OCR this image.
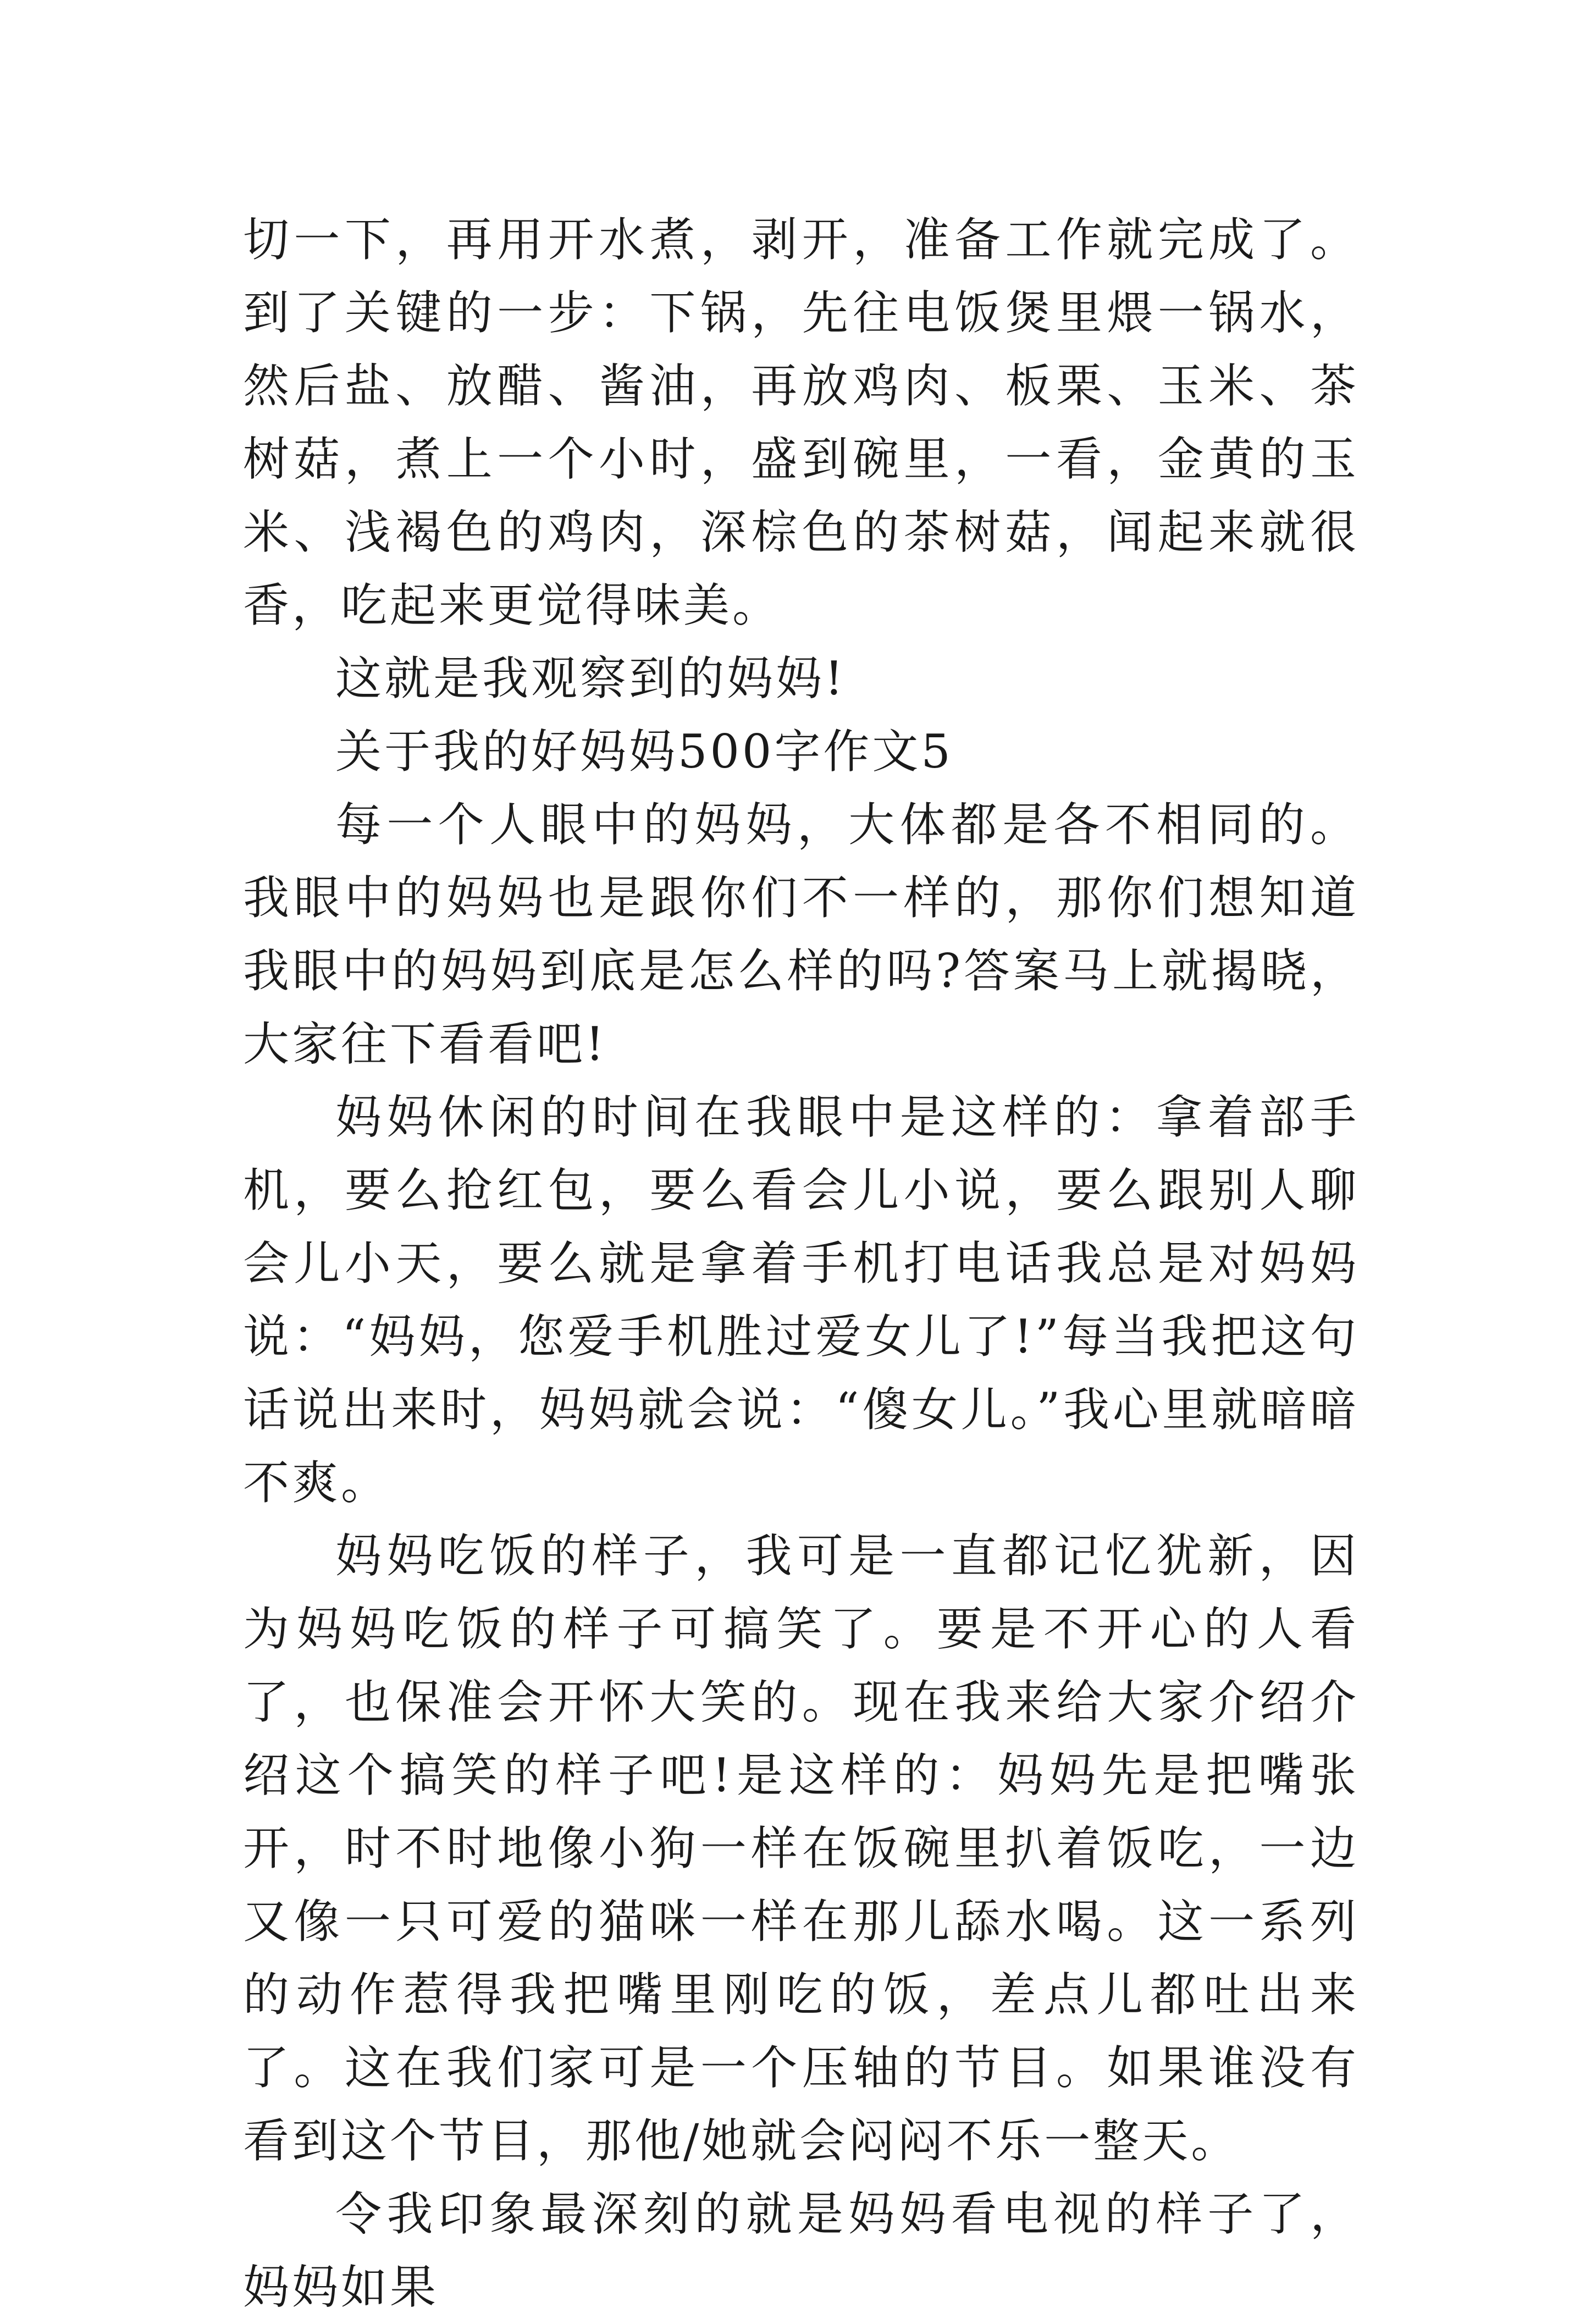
切一下，再用开水煮，剥开，准备工作就完成了。到了关键的一步：下锅，先往电饭煲里煨一锅水，然后盐、放醋、酱油，再放鸡肉、板栗、玉米、茶树菇，煮上一个小时，盛到碗里，一看，金黄的玉米、浅褐色的鸡肉，深棕色的茶树菇，闻起来就很香，吃起来更觉得味美。

这就是我观察到的妈妈!

关于我的好妈妈500字作文5

每一个人眼中的妈妈，大体都是各不相同的。我眼中的妈妈也是跟你们不一样的，那你们想知道我眼中的妈妈到底是怎么样的吗?答案马上就揭晓，大家往下看看吧!

妈妈休闲的时间在我眼中是这样的：拿着部手机，要么抢红包，要么看会儿小说，要么跟别人聊会儿小天，要么就是拿着手机打电话我总是对妈妈说：“妈妈，您爱手机胜过爱女儿了!”每当我把这句话说出来时，妈妈就会说：“傻女儿。”我心里就暗暗不爽。

妈妈吃饭的样子，我可是一直都记忆犹新，因为妈妈吃饭的样子可搞笑了。要是不开心的人看了，也保准会开怀大笑的。现在我来给大家介绍介绍这个搞笑的样子吧!是这样的：妈妈先是把嘴张开，时不时地像小狗一样在饭碗里扒着饭吃，一边又像一只可爱的猫咪一样在那儿舔水喝。这一系列的动作惹得我把嘴里刚吃的饭，差点儿都吐出来了。这在我们家可是一个压轴的节目。如果谁没有看到这个节目，那他/她就会闷闷不乐一整天。

令我印象最深刻的就是妈妈看电视的样子了，妈妈如果
